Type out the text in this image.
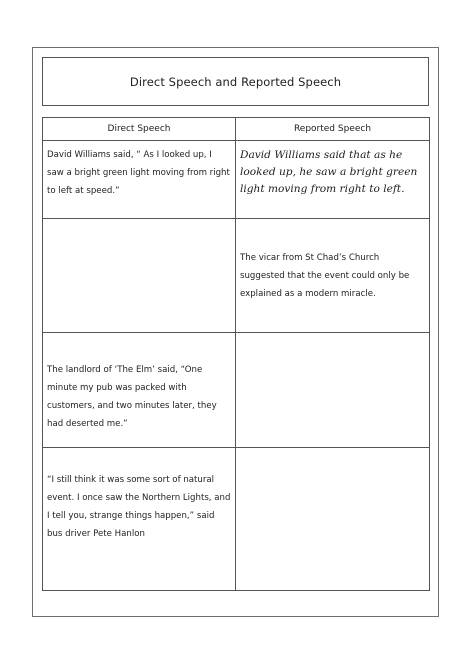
Direct Speech and Reported Speech
Direct Speech	Reported Speech

David Williams said, “ As I looked up, I saw a bright green light moving from right to left at speed.”	David Williams said that as he looked up, he saw a bright green light moving from right to left.

	The vicar from St Chad’s Church suggested that the event could only be explained as a modern miracle.

The landlord of ‘The Elm’ said, “One minute my pub was packed with customers, and two minutes later, they had deserted me.”	

“I still think it was some sort of natural event. I once saw the Northern Lights, and I tell you, strange things happen,” said bus driver Pete Hanlon	
